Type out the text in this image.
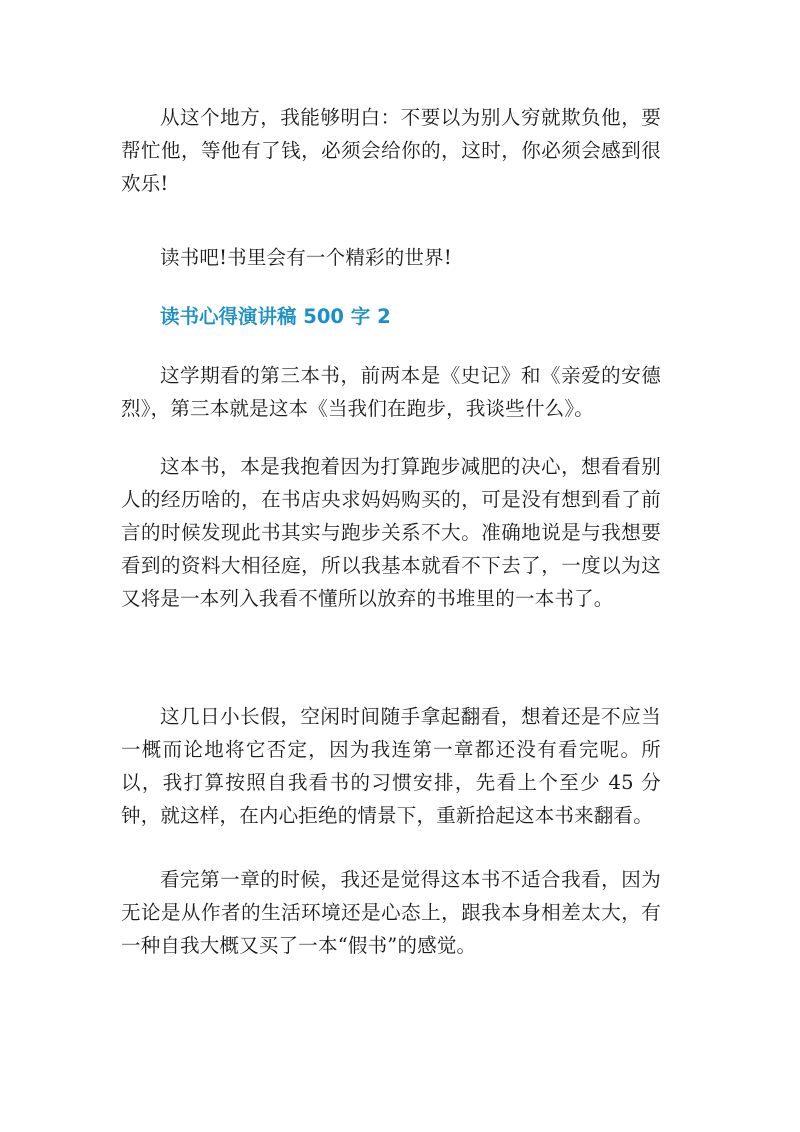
从这个地方，我能够明白：不要以为别人穷就欺负他，要帮忙他，等他有了钱，必须会给你的，这时，你必须会感到很欢乐!

读书吧!书里会有一个精彩的世界!

读书心得演讲稿 500 字 2

这学期看的第三本书，前两本是《史记》和《亲爱的安德烈》，第三本就是这本《当我们在跑步，我谈些什么》。

这本书，本是我抱着因为打算跑步减肥的决心，想看看别人的经历啥的，在书店央求妈妈购买的，可是没有想到看了前言的时候发现此书其实与跑步关系不大。准确地说是与我想要看到的资料大相径庭，所以我基本就看不下去了，一度以为这又将是一本列入我看不懂所以放弃的书堆里的一本书了。

这几日小长假，空闲时间随手拿起翻看，想着还是不应当一概而论地将它否定，因为我连第一章都还没有看完呢。所以，我打算按照自我看书的习惯安排，先看上个至少 45 分钟，就这样，在内心拒绝的情景下，重新拾起这本书来翻看。

看完第一章的时候，我还是觉得这本书不适合我看，因为无论是从作者的生活环境还是心态上，跟我本身相差太大，有一种自我大概又买了一本“假书”的感觉。
